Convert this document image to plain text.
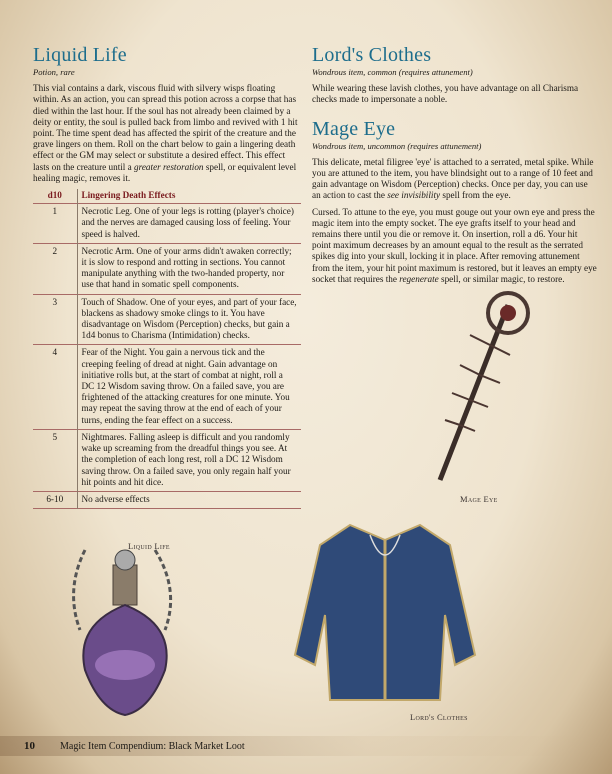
Liquid Life
Potion, rare

This vial contains a dark, viscous fluid with silvery wisps floating within. As an action, you can spread this potion across a corpse that has died within the last hour. If the soul has not already been claimed by a deity or entity, the soul is pulled back from limbo and revived with 1 hit point. The time spent dead has affected the spirit of the creature and the grave lingers on them. Roll on the chart below to gain a lingering death effect or the GM may select or substitute a desired effect. This effect lasts on the creature until a greater restoration spell, or equivalent level healing magic, removes it.

d10	Lingering Death Effects
1	Necrotic Leg. One of your legs is rotting (player's choice) and the nerves are damaged causing loss of feeling. Your speed is halved.
2	Necrotic Arm. One of your arms didn't awaken correctly; it is slow to respond and rotting in sections. You cannot manipulate anything with the two-handed property, nor use that hand in somatic spell components.
3	Touch of Shadow. One of your eyes, and part of your face, blackens as shadowy smoke clings to it. You have disadvantage on Wisdom (Perception) checks, but gain a 1d4 bonus to Charisma (Intimidation) checks.
4	Fear of the Night. You gain a nervous tick and the creeping feeling of dread at night. Gain advantage on initiative rolls but, at the start of combat at night, roll a DC 12 Wisdom saving throw. On a failed save, you are frightened of the attacking creatures for one minute. You may repeat the saving throw at the end of each of your turns, ending the fear effect on a success.
5	Nightmares. Falling asleep is difficult and you randomly wake up screaming from the dreadful things you see. At the completion of each long rest, roll a DC 12 Wisdom saving throw. On a failed save, you only regain half your hit points and hit dice.
6-10	No adverse effects
Lord's Clothes
Wondrous item, common (requires attunement)

While wearing these lavish clothes, you have advantage on all Charisma checks made to impersonate a noble.

Mage Eye
Wondrous item, uncommon (requires attunement)

This delicate, metal filigree 'eye' is attached to a serrated, metal spike. While you are attuned to the item, you have blindsight out to a range of 10 feet and gain advantage on Wisdom (Perception) checks. Once per day, you can use an action to cast the see invisibility spell from the eye.

Cursed. To attune to the eye, you must gouge out your own eye and press the magic item into the empty socket. The eye grafts itself to your head and remains there until you die or remove it. On insertion, roll a d6. Your hit point maximum decreases by an amount equal to the result as the serrated spikes dig into your skull, locking it in place. After removing attunement from the item, your hit point maximum is restored, but it leaves an empty eye socket that requires the regenerate spell, or similar magic, to restore.

Mage Eye
Lord's Clothes
Liquid Life
10	Magic Item Compendium: Black Market Loot
